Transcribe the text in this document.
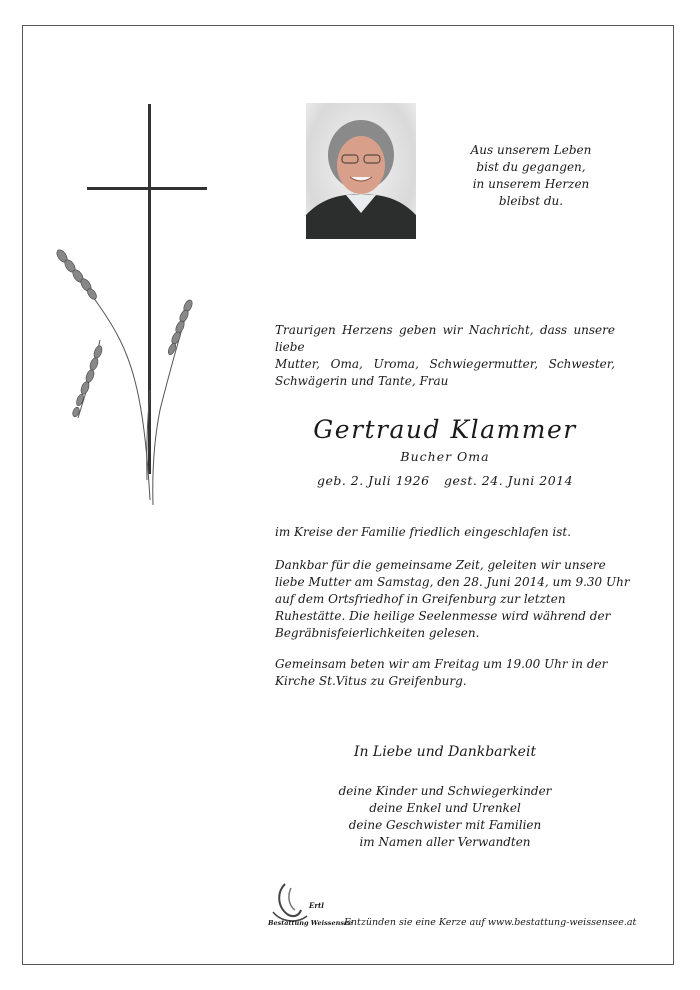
Aus unserem Leben
bist du gegangen,
in unserem Herzen
bleibst du.
Traurigen Herzens geben wir Nachricht, dass unsere liebe
Mutter, Oma, Uroma, Schwiegermutter, Schwester,
Schwägerin und Tante, Frau
Gertraud Klammer
Bucher Oma
geb. 2. Juli 1926 gest. 24. Juni 2014
im Kreise der Familie friedlich eingeschlafen ist.
Dankbar für die gemeinsame Zeit, geleiten wir unsere
liebe Mutter am Samstag, den 28. Juni 2014, um 9.30 Uhr
auf dem Ortsfriedhof in Greifenburg zur letzten
Ruhestätte. Die heilige Seelenmesse wird während der
Begräbnisfeierlichkeiten gelesen.
Gemeinsam beten wir am Freitag um 19.00 Uhr in der
Kirche St.Vitus zu Greifenburg.
In Liebe und Dankbarkeit
deine Kinder und Schwiegerkinder
deine Enkel und Urenkel
deine Geschwister mit Familien
im Namen aller Verwandten
Ertl
Bestattung Weissensee
Entzünden sie eine Kerze auf www.bestattung-weissensee.at
